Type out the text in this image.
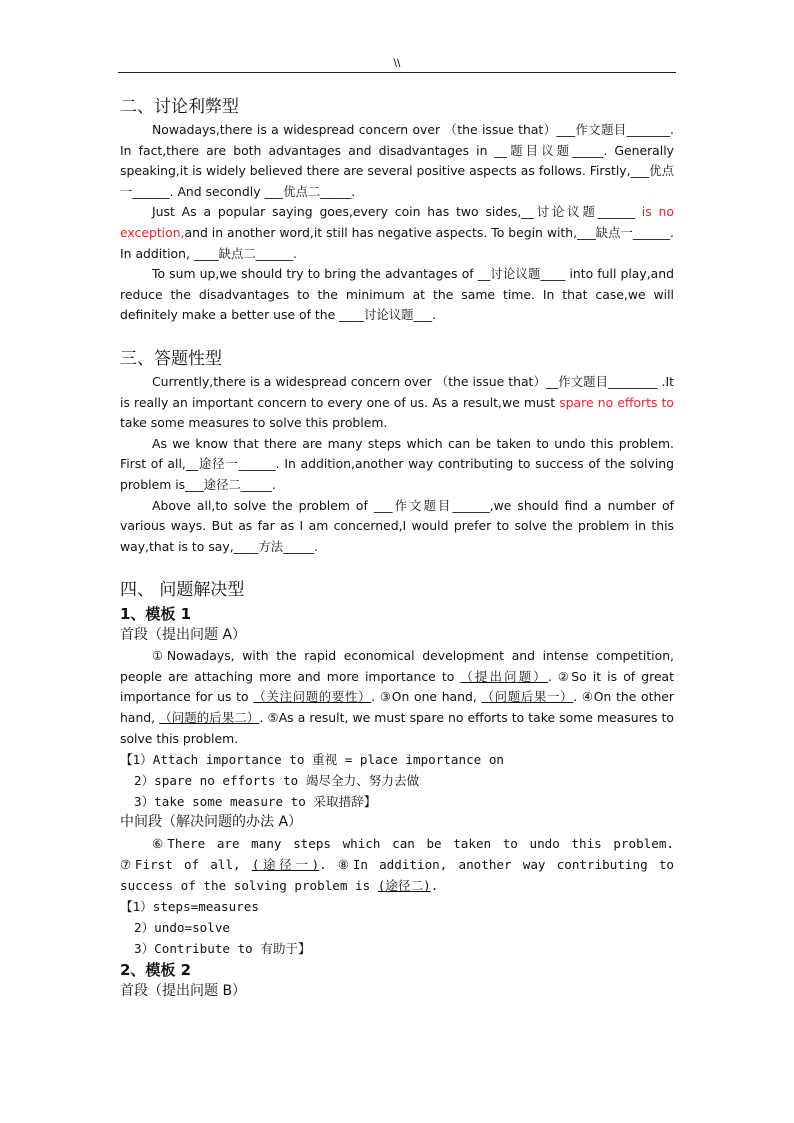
\\

二、讨论利弊型

Nowadays,there is a widespread concern over （the issue that）___作文题目_______. In fact,there are both advantages and disadvantages in __题目议题_____. Generally speaking,it is widely believed there are several positive aspects as follows. Firstly,___优点一______. And secondly ___优点二_____.

Just As a popular saying goes,every coin has two sides,__讨论议题______ is no exception,and in another word,it still has negative aspects. To begin with,___缺点一______. In addition, ____缺点二______.

To sum up,we should try to bring the advantages of __讨论议题____ into full play,and reduce the disadvantages to the minimum at the same time. In that case,we will definitely make a better use of the ____讨论议题___.

三、答题性型

Currently,there is a widespread concern over （the issue that）__作文题目________ .It is really an important concern to every one of us. As a result,we must spare no efforts to take some measures to solve this problem.

As we know that there are many steps which can be taken to undo this problem. First of all,__途径一______. In addition,another way contributing to success of the solving problem is___途径二_____.

Above all,to solve the problem of ___作文题目______,we should find a number of various ways. But as far as I am concerned,I would prefer to solve the problem in this way,that is to say,____方法_____.

四、 问题解决型

1、模板 1

首段（提出问题 A）

①Nowadays, with the rapid economical development and intense competition, people are attaching more and more importance to （提出问题）. ②So it is of great importance for us to （关注问题的要性）. ③On one hand, （问题后果一）. ④On the other hand, （问题的后果二）. ⑤As a result, we must spare no efforts to take some measures to solve this problem.

【1）Attach importance to 重视 = place importance on

2）spare no efforts to 竭尽全力、努力去做

3）take some measure to 采取措辞】

中间段（解决问题的办法 A）

⑥There are many steps which can be taken to undo this problem. ⑦First of all, (途径一). ⑧In addition, another way contributing to success of the solving problem is (途径二).

【1）steps=measures

2）undo=solve

3）Contribute to 有助于】

2、模板 2

首段（提出问题 B）
